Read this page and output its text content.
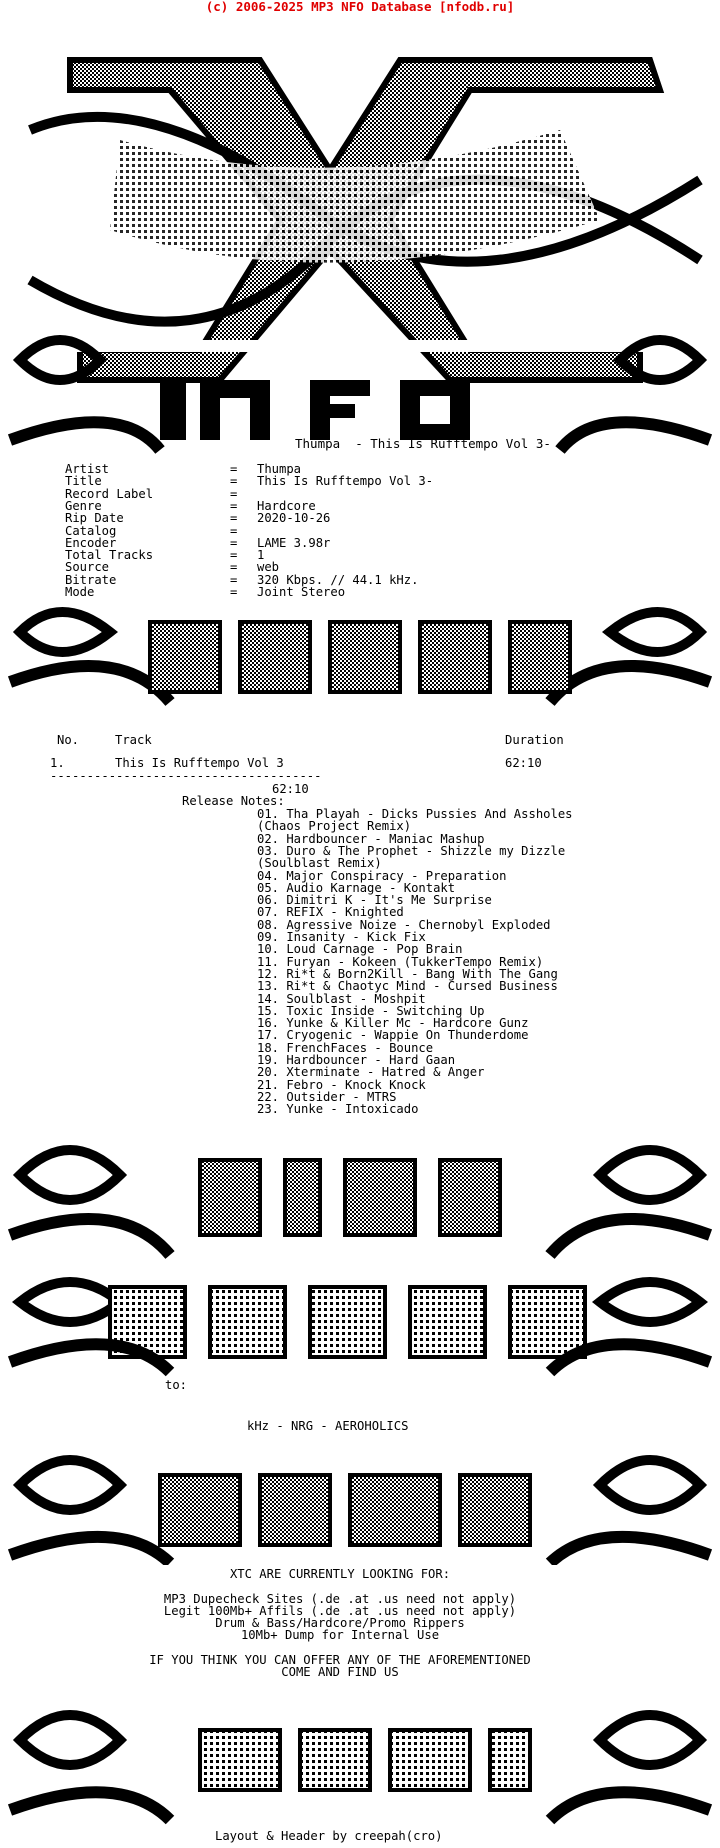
(c) 2006-2025 MP3 NFO Database [nfodb.ru]
Thumpa  - This Is Rufftempo Vol 3-
Artist	= Thumpa
Title	= This Is Rufftempo Vol 3-
Record Label	=
Genre	= Hardcore
Rip Date	= 2020-10-26
Catalog	=
Encoder	= LAME 3.98r
Total Tracks	= 1
Source	= web
Bitrate	= 320 Kbps. // 44.1 kHz.
Mode	= Joint Stereo
No.	Track	Duration
1.	This Is Rufftempo Vol 3	62:10
-------------------------------------
62:10
Release Notes:
01. Tha Playah - Dicks Pussies And Assholes
(Chaos Project Remix)
02. Hardbouncer - Maniac Mashup
03. Duro & The Prophet - Shizzle my Dizzle
(Soulblast Remix)
04. Major Conspiracy - Preparation
05. Audio Karnage - Kontakt
06. Dimitri K - It's Me Surprise
07. REFIX - Knighted
08. Agressive Noize - Chernobyl Exploded
09. Insanity - Kick Fix
10. Loud Carnage - Pop Brain
11. Furyan - Kokeen (TukkerTempo Remix)
12. Ri*t & Born2Kill - Bang With The Gang
13. Ri*t & Chaotyc Mind - Cursed Business
14. Soulblast - Moshpit
15. Toxic Inside - Switching Up
16. Yunke & Killer Mc - Hardcore Gunz
17. Cryogenic - Wappie On Thunderdome
18. FrenchFaces - Bounce
19. Hardbouncer - Hard Gaan
20. Xterminate - Hatred & Anger
21. Febro - Knock Knock
22. Outsider - MTRS
23. Yunke - Intoxicado
to:
kHz - NRG - AEROHOLICS
XTC ARE CURRENTLY LOOKING FOR:
MP3 Dupecheck Sites (.de .at .us need not apply)
Legit 100Mb+ Affils (.de .at .us need not apply)
Drum & Bass/Hardcore/Promo Rippers
10Mb+ Dump for Internal Use
IF YOU THINK YOU CAN OFFER ANY OF THE AFOREMENTIONED
COME AND FIND US
Layout & Header by creepah(cro)
